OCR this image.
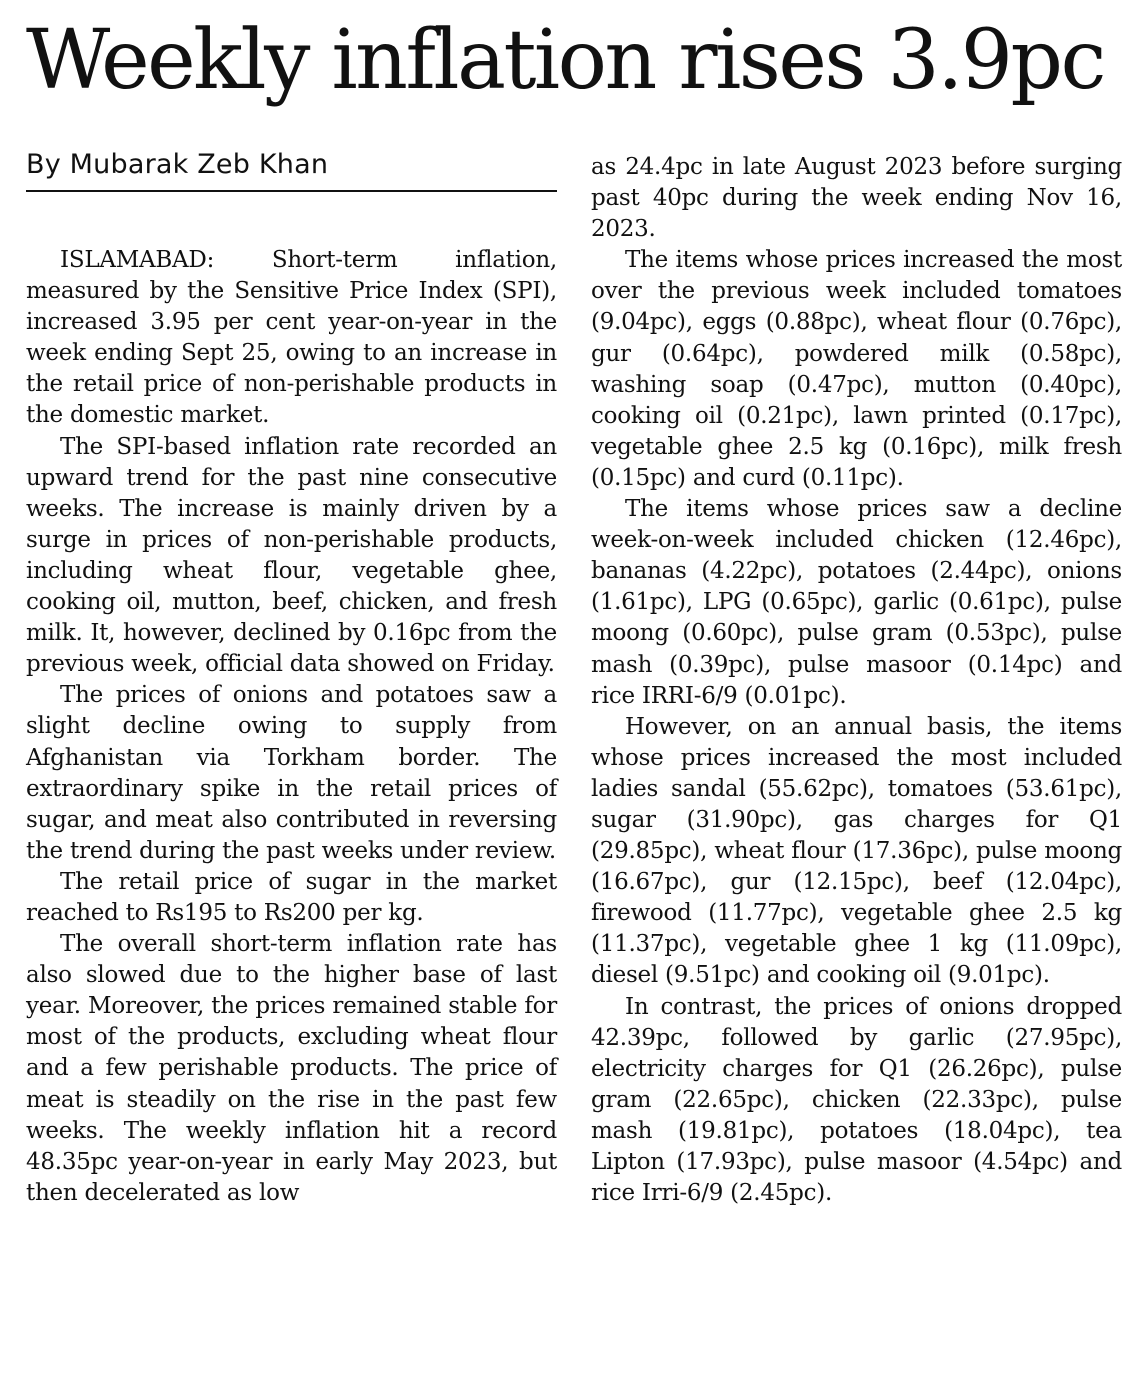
Weekly inflation rises 3.9pc
By Mubarak Zeb Khan

ISLAMABAD: Short-term inflation, measured by the Sensitive Price Index (SPI), increased 3.95 per cent year-on-year in the week ending Sept 25, owing to an increase in the retail price of non-perishable products in the domestic market.

The SPI-based inflation rate recorded an upward trend for the past nine consecutive weeks. The increase is mainly driven by a surge in prices of non-perishable products, including wheat flour, vegetable ghee, cooking oil, mutton, beef, chicken, and fresh milk. It, however, declined by 0.16pc from the previous week, official data showed on Friday.

The prices of onions and potatoes saw a slight decline owing to supply from Afghanistan via Torkham border. The extraordinary spike in the retail prices of sugar, and meat also contributed in reversing the trend during the past weeks under review.

The retail price of sugar in the market reached to Rs195 to Rs200 per kg.

The overall short-term inflation rate has also slowed due to the higher base of last year. Moreover, the prices remained stable for most of the products, excluding wheat flour and a few perishable products. The price of meat is steadily on the rise in the past few weeks. The weekly inflation hit a record 48.35pc year-on-year in early May 2023, but then decelerated as low

as 24.4pc in late August 2023 before surging past 40pc during the week ending Nov 16, 2023.

The items whose prices increased the most over the previous week included tomatoes (9.04pc), eggs (0.88pc), wheat flour (0.76pc), gur (0.64pc), powdered milk (0.58pc), washing soap (0.47pc), mutton (0.40pc), cooking oil (0.21pc), lawn printed (0.17pc), vegetable ghee 2.5 kg (0.16pc), milk fresh (0.15pc) and curd (0.11pc).

The items whose prices saw a decline week-on-week included chicken (12.46pc), bananas (4.22pc), potatoes (2.44pc), onions (1.61pc), LPG (0.65pc), garlic (0.61pc), pulse moong (0.60pc), pulse gram (0.53pc), pulse mash (0.39pc), pulse masoor (0.14pc) and rice IRRI-6/9 (0.01pc).

However, on an annual basis, the items whose prices increased the most included ladies sandal (55.62pc), tomatoes (53.61pc), sugar (31.90pc), gas charges for Q1 (29.85pc), wheat flour (17.36pc), pulse moong (16.67pc), gur (12.15pc), beef (12.04pc), firewood (11.77pc), vegetable ghee 2.5 kg (11.37pc), vegetable ghee 1 kg (11.09pc), diesel (9.51pc) and cooking oil (9.01pc).

In contrast, the prices of onions dropped 42.39pc, followed by garlic (27.95pc), electricity charges for Q1 (26.26pc), pulse gram (22.65pc), chicken (22.33pc), pulse mash (19.81pc), potatoes (18.04pc), tea Lipton (17.93pc), pulse masoor (4.54pc) and rice Irri-6/9 (2.45pc).
